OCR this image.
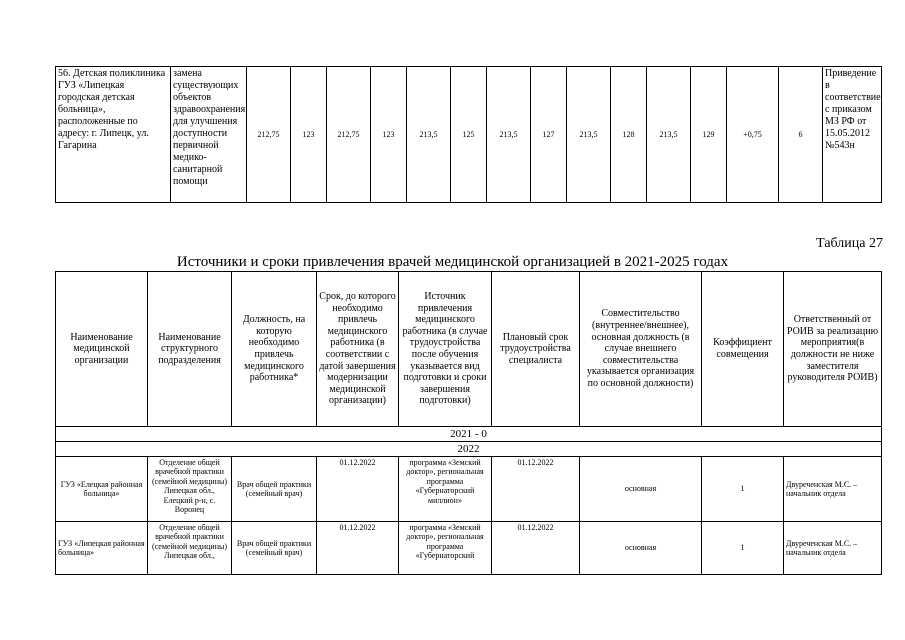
56. Детская поликлиника ГУЗ «Липецкая городская детская больница», расположенные по адресу: г. Липецк, ул. Гагарина	замена существующих объектов здравоохранения для улучшения доступности первичной медико-санитарной помощи	212,75	123	212,75	123	213,5	125	213,5	127	213,5	128	213,5	129	+0,75	6	Приведение в соответствие с приказом МЗ РФ от 15.05.2012 №543н
Таблица 27
Источники и сроки привлечения врачей медицинской организацией в 2021-2025 годах
Наименование медицинской организации	Наименование структурного подразделения	Должность, на которую необходимо привлечь медицинского работника*	Срок, до которого необходимо привлечь медицинского работника (в соответствии с датой завершения модернизации медицинской организации)	Источник привлечения медицинского работника (в случае трудоустройства после обучения указывается вид подготовки и сроки завершения подготовки)	Плановый срок трудоустройства специалиста	Совместительство (внутреннее/внешнее), основная должность (в случае внешнего совместительства указывается организация по основной должности)	Коэффициент совмещения	Ответственный от РОИВ за реализацию мероприятия(в должности не ниже заместителя руководителя РОИВ)
2021 - 0								
2022								
ГУЗ «Елецкая районная больница»	Отделение общей врачебной практики (семейной медицины) Липецкая обл., Елецкий р-н, с. Воронец	Врач общей практики (семейный врач)	01.12.2022	программа «Земский доктор», региональная программа «Губернаторский миллион»	01.12.2022	основная	1	Двуреченская М.С. – начальник отдела
ГУЗ «Липецкая районная больница»	Отделение общей врачебной практики (семейной медицины) Липецкая обл.,	Врач общей практики (семейный врач)	01.12.2022	программа «Земский доктор», региональная программа «Губернаторский	01.12.2022	основная	1	Двуреченская М.С. – начальник отдела
